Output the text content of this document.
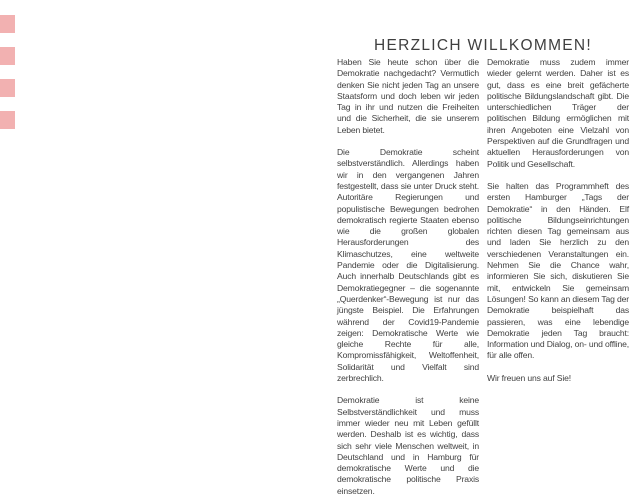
HERZLICH WILLKOMMEN!

Haben Sie heute schon über die Demokratie nachgedacht? Vermutlich denken Sie nicht jeden Tag an unsere Staatsform und doch leben wir jeden Tag in ihr und nutzen die Freiheiten und die Sicherheit, die sie unserem Leben bietet.

Die Demokratie scheint selbstverständlich. Allerdings haben wir in den vergangenen Jahren festgestellt, dass sie unter Druck steht. Autoritäre Regierungen und populistische Bewegungen bedrohen demokratisch regierte Staaten ebenso wie die großen globalen Herausforderungen des Klimaschutzes, eine weltweite Pandemie oder die Digitalisierung. Auch innerhalb Deutschlands gibt es Demokratiegegner – die sogenannte „Querdenker“-Bewegung ist nur das jüngste Beispiel. Die Erfahrungen während der Covid19-Pandemie zeigen: Demokratische Werte wie gleiche Rechte für alle, Kompromissfähigkeit, Weltoffenheit, Solidarität und Vielfalt sind zerbrechlich.

Demokratie ist keine Selbstverständlichkeit und muss immer wieder neu mit Leben gefüllt werden. Deshalb ist es wichtig, dass sich sehr viele Menschen weltweit, in Deutschland und in Hamburg für demokratische Werte und die demokratische politische Praxis einsetzen.

Demokratie muss zudem immer wieder gelernt werden. Daher ist es gut, dass es eine breit gefächerte politische Bildungslandschaft gibt. Die unterschiedlichen Träger der politischen Bildung ermöglichen mit ihren Angeboten eine Vielzahl von Perspektiven auf die Grundfragen und aktuellen Herausforderungen von Politik und Gesellschaft.

Sie halten das Programmheft des ersten Hamburger „Tags der Demokratie“ in den Händen. Elf politische Bildungseinrichtungen richten diesen Tag gemeinsam aus und laden Sie herzlich zu den verschiedenen Veranstaltungen ein. Nehmen Sie die Chance wahr, informieren Sie sich, diskutieren Sie mit, entwickeln Sie gemeinsam Lösungen! So kann an diesem Tag der Demokratie beispielhaft das passieren, was eine lebendige Demokratie jeden Tag braucht: Information und Dialog, on- und offline, für alle offen.

Wir freuen uns auf Sie!
